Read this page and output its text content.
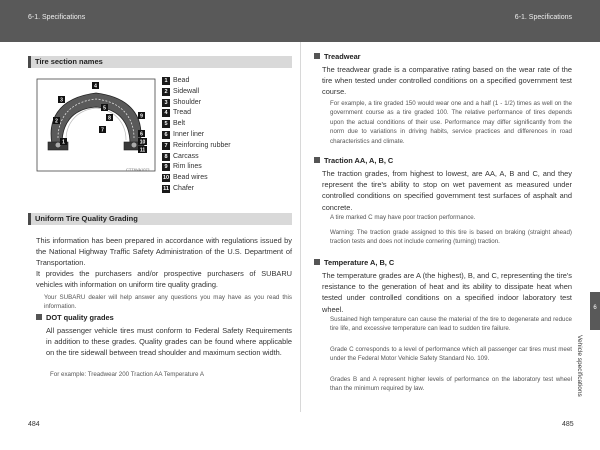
6-1. Specifications	6-1. Specifications
Tire section names
4
3
2
5
8
7
9
6
10
11
1
CTT6VA1071
1 Bead
2 Sidewall
3 Shoulder
4 Tread
5 Belt
6 Inner liner
7 Reinforcing rubber
8 Carcass
9 Rim lines
10 Bead wires
11 Chafer
Uniform Tire Quality Grading

This information has been prepared in accordance with regulations issued by the National Highway Traffic Safety Administration of the U.S. Department of Transportation.

It provides the purchasers and/or prospective purchasers of SUBARU vehicles with information on uniform tire quality grading.

Your SUBARU dealer will help answer any questions you may have as you read this information.

DOT quality grades

All passenger vehicle tires must conform to Federal Safety Requirements in addition to these grades. Quality grades can be found where applicable on the tire sidewall between tread shoulder and maximum section width.

For example: Treadwear 200 Traction AA Temperature A

484
Treadwear

The treadwear grade is a comparative rating based on the wear rate of the tire when tested under controlled conditions on a specified government test course.

For example, a tire graded 150 would wear one and a half (1 - 1/2) times as well on the government course as a tire graded 100. The relative performance of tires depends upon the actual conditions of their use. Performance may differ significantly from the norm due to variations in driving habits, service practices and differences in road characteristics and climate.

Traction AA, A, B, C

The traction grades, from highest to lowest, are AA, A, B and C, and they represent the tire's ability to stop on wet pavement as measured under controlled conditions on specified government test surfaces of asphalt and concrete.

A tire marked C may have poor traction performance.

Warning: The traction grade assigned to this tire is based on braking (straight ahead) traction tests and does not include cornering (turning) traction.

Temperature A, B, C

The temperature grades are A (the highest), B, and C, representing the tire's resistance to the generation of heat and its ability to dissipate heat when tested under controlled conditions on a specified indoor laboratory test wheel.

Sustained high temperature can cause the material of the tire to degenerate and reduce tire life, and excessive temperature can lead to sudden tire failure.

Grade C corresponds to a level of performance which all passenger car tires must meet under the Federal Motor Vehicle Safety Standard No. 109.

Grades B and A represent higher levels of performance on the laboratory test wheel than the minimum required by law.

6
Vehicle specifications
485
